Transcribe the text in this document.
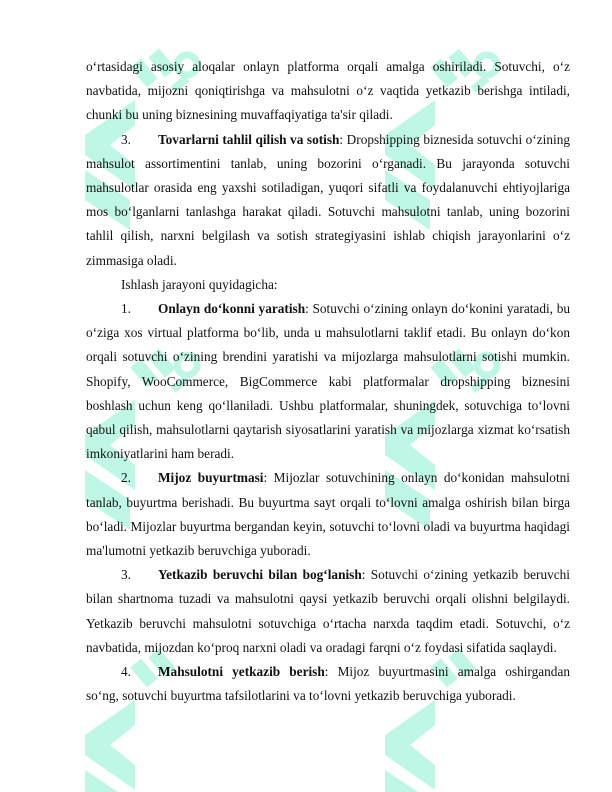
o‘rtasidagi asosiy aloqalar onlayn platforma orqali amalga oshiriladi. Sotuvchi, o‘z navbatida, mijozni qoniqtirishga va mahsulotni o‘z vaqtida yetkazib berishga intiladi, chunki bu uning biznesining muvaffaqiyatiga ta'sir qiladi.

3. Tovarlarni tahlil qilish va sotish: Dropshipping biznesida sotuvchi o‘zining mahsulot assortimentini tanlab, uning bozorini o‘rganadi. Bu jarayonda sotuvchi mahsulotlar orasida eng yaxshi sotiladigan, yuqori sifatli va foydalanuvchi ehtiyojlariga mos bo‘lganlarni tanlashga harakat qiladi. Sotuvchi mahsulotni tanlab, uning bozorini tahlil qilish, narxni belgilash va sotish strategiyasini ishlab chiqish jarayonlarini o‘z zimmasiga oladi.

Ishlash jarayoni quyidagicha:

1. Onlayn do‘konni yaratish: Sotuvchi o‘zining onlayn do‘konini yaratadi, bu o‘ziga xos virtual platforma bo‘lib, unda u mahsulotlarni taklif etadi. Bu onlayn do‘kon orqali sotuvchi o‘zining brendini yaratishi va mijozlarga mahsulotlarni sotishi mumkin. Shopify, WooCommerce, BigCommerce kabi platformalar dropshipping biznesini boshlash uchun keng qo‘llaniladi. Ushbu platformalar, shuningdek, sotuvchiga to‘lovni qabul qilish, mahsulotlarni qaytarish siyosatlarini yaratish va mijozlarga xizmat ko‘rsatish imkoniyatlarini ham beradi.

2. Mijoz buyurtmasi: Mijozlar sotuvchining onlayn do‘konidan mahsulotni tanlab, buyurtma berishadi. Bu buyurtma sayt orqali to‘lovni amalga oshirish bilan birga bo‘ladi. Mijozlar buyurtma bergandan keyin, sotuvchi to‘lovni oladi va buyurtma haqidagi ma'lumotni yetkazib beruvchiga yuboradi.

3. Yetkazib beruvchi bilan bog‘lanish: Sotuvchi o‘zining yetkazib beruvchi bilan shartnoma tuzadi va mahsulotni qaysi yetkazib beruvchi orqali olishni belgilaydi. Yetkazib beruvchi mahsulotni sotuvchiga o‘rtacha narxda taqdim etadi. Sotuvchi, o‘z navbatida, mijozdan ko‘proq narxni oladi va oradagi farqni o‘z foydasi sifatida saqlaydi.

4. Mahsulotni yetkazib berish: Mijoz buyurtmasini amalga oshirgandan so‘ng, sotuvchi buyurtma tafsilotlarini va to‘lovni yetkazib beruvchiga yuboradi.
